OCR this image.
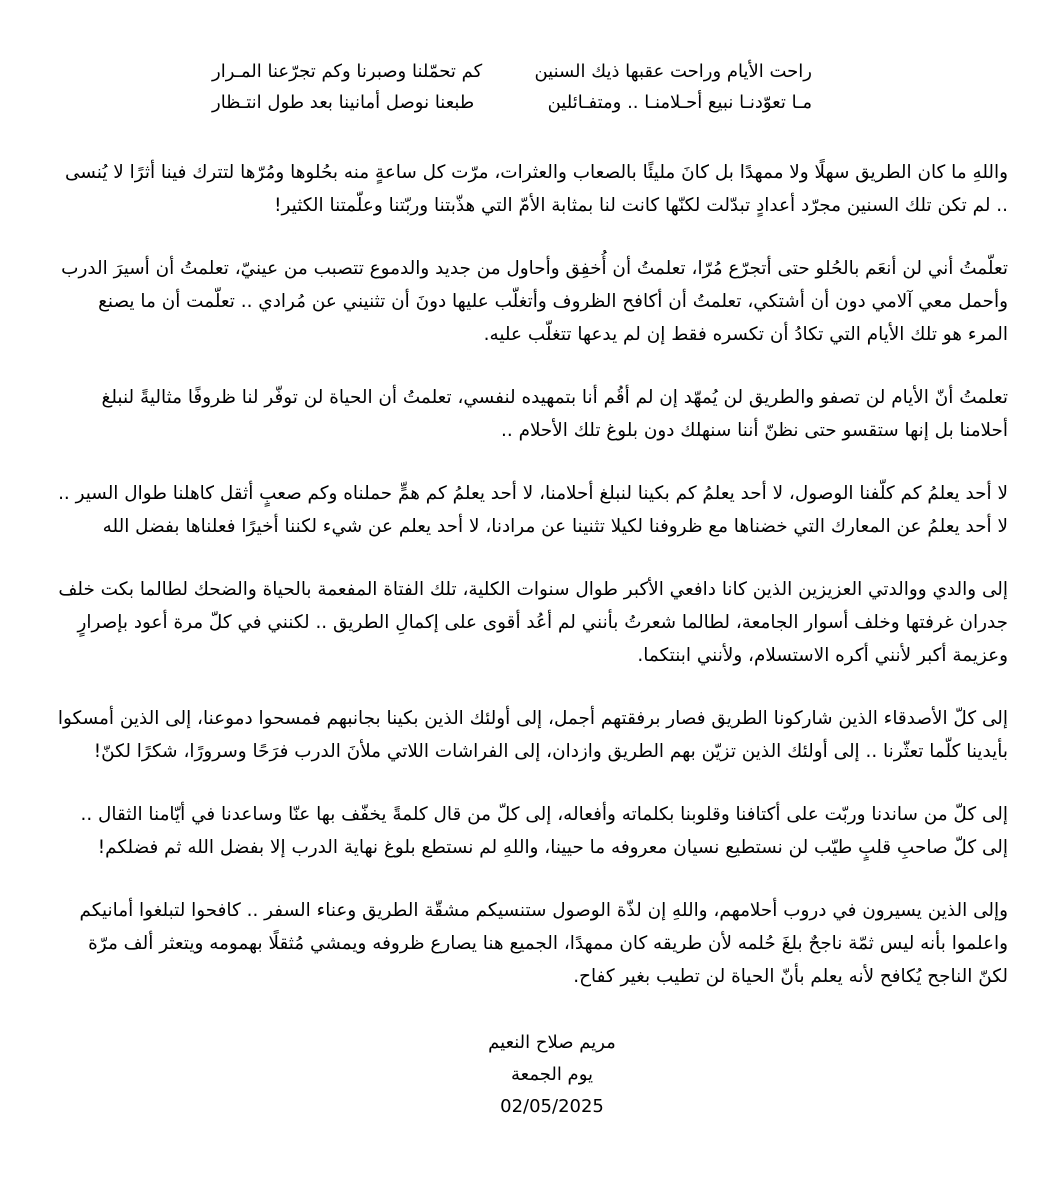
راحت الأيام وراحت عقبها ذيك السنين
كم تحمّلنا وصبرنا وكم تجرّعنا المـرار
مـا تعوّدنـا نبيع أحـلامنـا .. ومتفـائلين
طبعنا نوصل أمانينا بعد طول انتـظار

واللهِ ما كان الطريق سهلًا ولا ممهدًا بل كانَ مليئًا بالصعاب والعثرات، مرّت كل ساعةٍ منه بحُلوها ومُرّها لتترك فينا أثرًا لا يُنسى .. لم تكن تلك السنين مجرّد أعدادٍ تبدّلت لكنّها كانت لنا بمثابة الأمّ التي هذّبتنا وربّتنا وعلّمتنا الكثير!

تعلّمتُ أني لن أنعَم بالحُلو حتى أتجرّع مُرّا، تعلمتُ أن أُخفِق وأحاول من جديد والدموع تتصبب من عينيّ، تعلمتُ أن أسيرَ الدرب وأحمل معي آلامي دون أن أشتكي، تعلمتُ أن أكافح الظروف وأتغلّب عليها دونَ أن تثنيني عن مُرادي .. تعلّمت أن ما يصنع المرء هو تلك الأيام التي تكادُ أن تكسره فقط إن لم يدعها تتغلّب عليه.

تعلمتُ أنّ الأيام لن تصفو والطريق لن يُمهّد إن لم أقُم أنا بتمهيده لنفسي، تعلمتُ أن الحياة لن توفّر لنا ظروفًا مثاليةً لنبلغ أحلامنا بل إنها ستقسو حتى نظنّ أننا سنهلك دون بلوغ تلك الأحلام ..

لا أحد يعلمُ كم كلّفنا الوصول، لا أحد يعلمُ كم بكينا لنبلغ أحلامنا، لا أحد يعلمُ كم همٍّ حملناه وكم صعبٍ أثقل كاهلنا طوال السير .. لا أحد يعلمُ عن المعارك التي خضناها مع ظروفنا لكيلا تثنينا عن مرادنا، لا أحد يعلم عن شيء لكننا أخيرًا فعلناها بفضل الله

إلى والدي ووالدتي العزيزين الذين كانا دافعي الأكبر طوال سنوات الكلية، تلك الفتاة المفعمة بالحياة والضحك لطالما بكت خلف جدران غرفتها وخلف أسوار الجامعة، لطالما شعرتُ بأنني لم أعُد أقوى على إكمالِ الطريق .. لكنني في كلّ مرة أعود بإصرارٍ وعزيمة أكبر لأنني أكره الاستسلام، ولأنني ابنتكما.

إلى كلّ الأصدقاء الذين شاركونا الطريق فصار برفقتهم أجمل، إلى أولئك الذين بكينا بجانبهم فمسحوا دموعنا، إلى الذين أمسكوا بأيدينا كلّما تعثّرنا .. إلى أولئك الذين تزيّن بهم الطريق وازدان، إلى الفراشات اللاتي ملأنَ الدرب فرَحًا وسرورًا، شكرًا لكنّ!

إلى كلّ من ساندنا وربّت على أكتافنا وقلوبنا بكلماته وأفعاله، إلى كلّ من قال كلمةً يخفّف بها عنّا وساعدنا في أيّامنا الثقال .. إلى كلّ صاحبِ قلبٍ طيّب لن نستطيع نسيان معروفه ما حيينا، واللهِ لم نستطع بلوغ نهاية الدرب إلا بفضل الله ثم فضلكم!

وإلى الذين يسيرون في دروب أحلامهم، واللهِ إن لذّة الوصول ستنسيكم مشقّة الطريق وعناء السفر .. كافحوا لتبلغوا أمانيكم واعلموا بأنه ليس ثمّة ناجحٌ بلغَ حُلمه لأن طريقه كان ممهدًا، الجميع هنا يصارع ظروفه ويمشي مُثقلًا بهمومه ويتعثر ألف مرّة لكنّ الناجح يُكافح لأنه يعلم بأنّ الحياة لن تطيب بغير كفاح.

مريم صلاح النعيم
يوم الجمعة
02/05/2025
